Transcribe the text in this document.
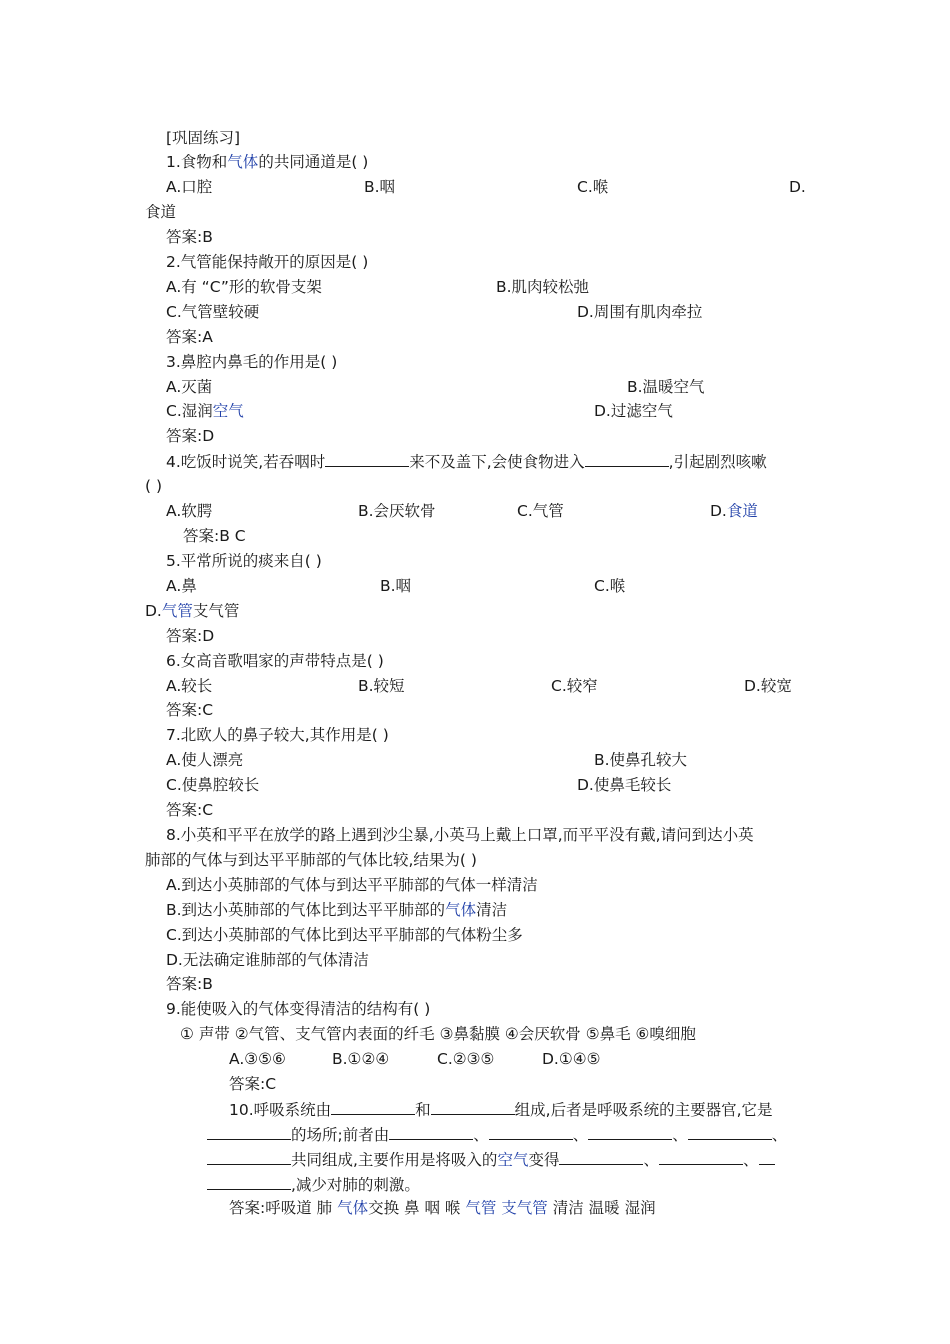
[巩固练习]
1.食物和气体的共同通道是( )
A.口腔	B.咽	C.喉	D.
食道
答案:B
2.气管能保持敞开的原因是( )
A.有 “C”形的软骨支架	B.肌肉较松弛
C.气管壁较硬	D.周围有肌肉牵拉
答案:A
3.鼻腔内鼻毛的作用是( )
A.灭菌	B.温暖空气
C.湿润空气	D.过滤空气
答案:D
4.吃饭时说笑,若吞咽时	来不及盖下,会使食物进入	,引起剧烈咳嗽
( )
A.软腭	B.会厌软骨	C.气管	D.食道
答案:B C
5.平常所说的痰来自( )
A.鼻	B.咽	C.喉
D.气管支气管
答案:D
6.女高音歌唱家的声带特点是( )
A.较长	B.较短	C.较窄	D.较宽
答案:C
7.北欧人的鼻子较大,其作用是( )
A.使人漂亮	B.使鼻孔较大
C.使鼻腔较长	D.使鼻毛较长
答案:C
8.小英和平平在放学的路上遇到沙尘暴,小英马上戴上口罩,而平平没有戴,请问到达小英
肺部的气体与到达平平肺部的气体比较,结果为( )
A.到达小英肺部的气体与到达平平肺部的气体一样清洁
B.到达小英肺部的气体比到达平平肺部的气体清洁
C.到达小英肺部的气体比到达平平肺部的气体粉尘多
D.无法确定谁肺部的气体清洁
答案:B
9.能使吸入的气体变得清洁的结构有( )
① 声带 ②气管、支气管内表面的纤毛 ③鼻黏膜 ④会厌软骨 ⑤鼻毛 ⑥嗅细胞
A.③⑤⑥	B.①②④	C.②③⑤	D.①④⑤
答案:C
10.呼吸系统由	和	组成,后者是呼吸系统的主要器官,它是
的场所;前者由	、	、	、	、
共同组成,主要作用是将吸入的空气变得	、	、
,减少对肺的刺激。
答案:呼吸道 肺 气体交换 鼻 咽 喉 气管 支气管 清洁 温暖 湿润
